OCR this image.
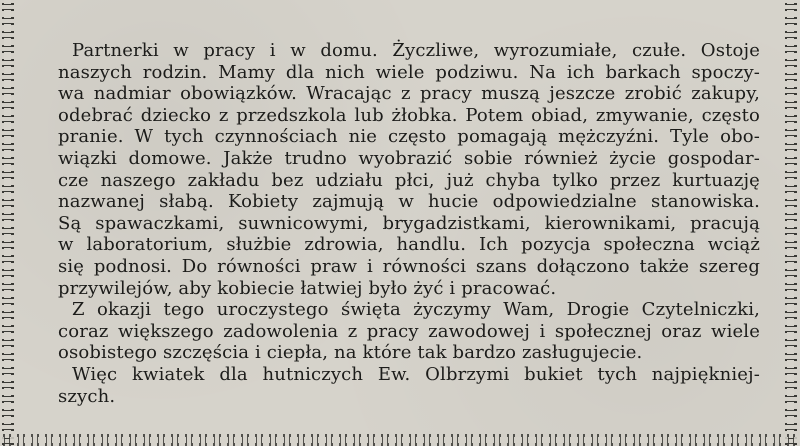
Partnerki w pracy i w domu. Życzliwe, wyrozumiałe, czułe. Ostoje
naszych rodzin. Mamy dla nich wiele podziwu. Na ich barkach spoczy-
wa nadmiar obowiązków. Wracając z pracy muszą jeszcze zrobić zakupy,
odebrać dziecko z przedszkola lub żłobka. Potem obiad, zmywanie, często
pranie. W tych czynnościach nie często pomagają mężczyźni. Tyle obo-
wiązki domowe. Jakże trudno wyobrazić sobie również życie gospodar-
cze naszego zakładu bez udziału płci, już chyba tylko przez kurtuazję
nazwanej słabą. Kobiety zajmują w hucie odpowiedzialne stanowiska.
Są spawaczkami, suwnicowymi, brygadzistkami, kierownikami, pracują
w laboratorium, służbie zdrowia, handlu. Ich pozycja społeczna wciąż
się podnosi. Do równości praw i równości szans dołączono także szereg
przywilejów, aby kobiecie łatwiej było żyć i pracować.
Z okazji tego uroczystego święta życzymy Wam, Drogie Czytelniczki,
coraz większego zadowolenia z pracy zawodowej i społecznej oraz wiele
osobistego szczęścia i ciepła, na które tak bardzo zasługujecie.
Więc kwiatek dla hutniczych Ew. Olbrzymi bukiet tych najpiękniej-
szych.
